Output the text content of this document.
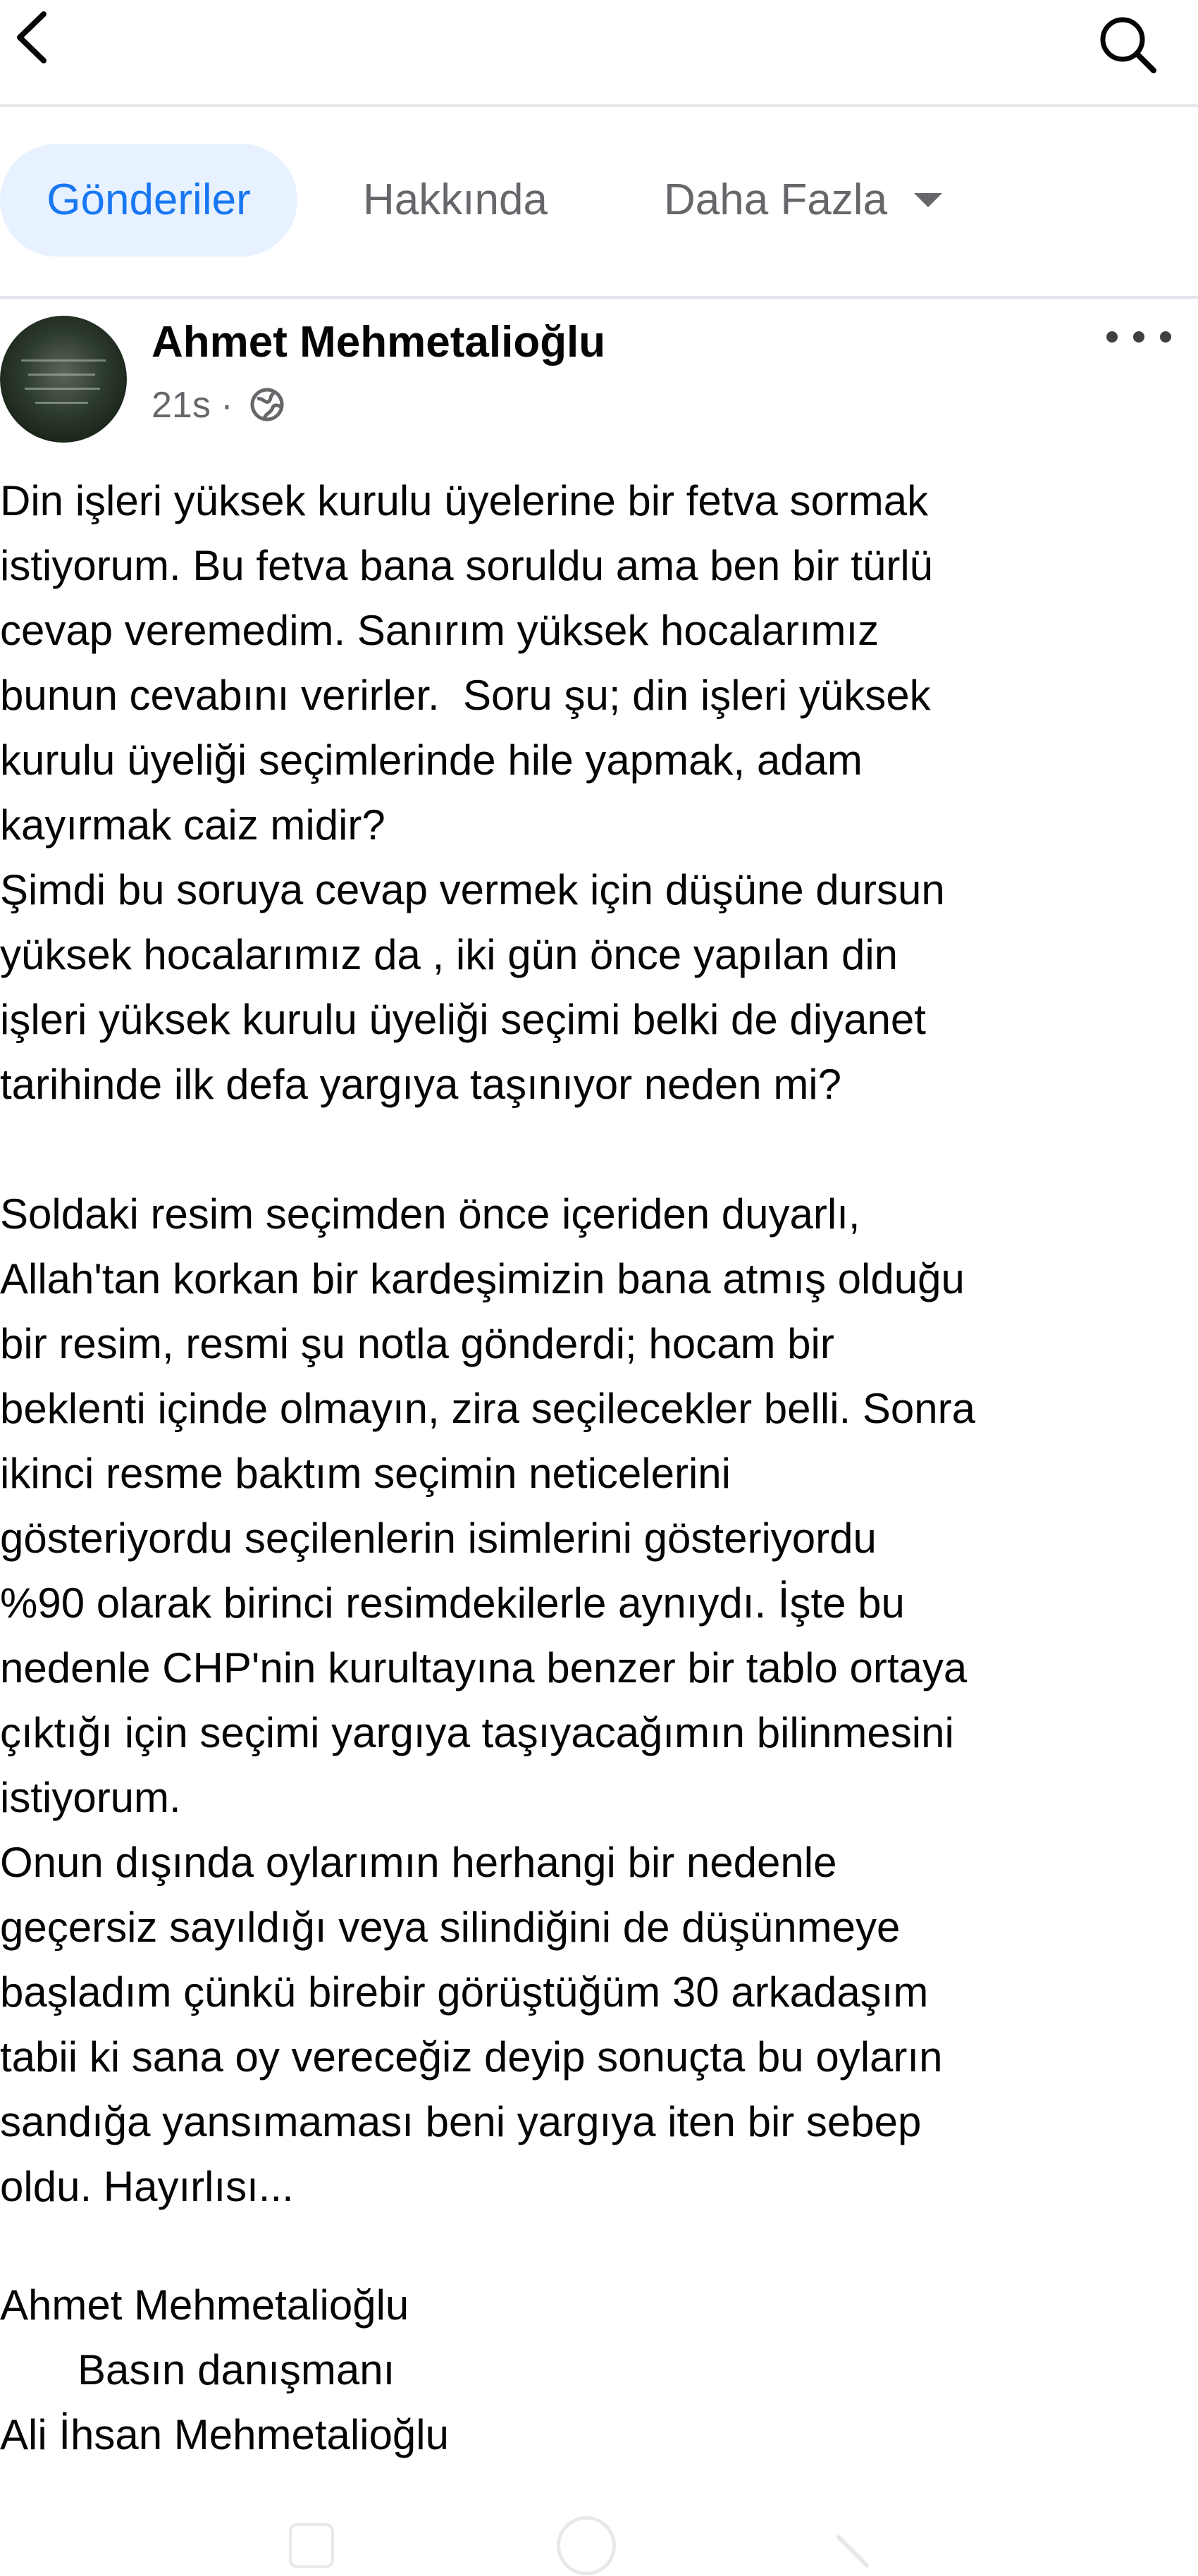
Gönderiler	Hakkında	Daha Fazla
Ahmet Mehmetalioğlu
21s ·
Din işleri yüksek kurulu üyelerine bir fetva sormak
istiyorum. Bu fetva bana soruldu ama ben bir türlü
cevap veremedim. Sanırım yüksek hocalarımız
bunun cevabını verirler.  Soru şu; din işleri yüksek
kurulu üyeliği seçimlerinde hile yapmak, adam
kayırmak caiz midir?
Şimdi bu soruya cevap vermek için düşüne dursun
yüksek hocalarımız da , iki gün önce yapılan din
işleri yüksek kurulu üyeliği seçimi belki de diyanet
tarihinde ilk defa yargıya taşınıyor neden mi?
Soldaki resim seçimden önce içeriden duyarlı,
Allah'tan korkan bir kardeşimizin bana atmış olduğu
bir resim, resmi şu notla gönderdi; hocam bir
beklenti içinde olmayın, zira seçilecekler belli. Sonra
ikinci resme baktım seçimin neticelerini
gösteriyordu seçilenlerin isimlerini gösteriyordu
%90 olarak birinci resimdekilerle aynıydı. İşte bu
nedenle CHP'nin kurultayına benzer bir tablo ortaya
çıktığı için seçimi yargıya taşıyacağımın bilinmesini
istiyorum.
Onun dışında oylarımın herhangi bir nedenle
geçersiz sayıldığı veya silindiğini de düşünmeye
başladım çünkü birebir görüştüğüm 30 arkadaşım
tabii ki sana oy vereceğiz deyip sonuçta bu oyların
sandığa yansımaması beni yargıya iten bir sebep
oldu. Hayırlısı...
Ahmet Mehmetalioğlu
Basın danışmanı
Ali İhsan Mehmetalioğlu
